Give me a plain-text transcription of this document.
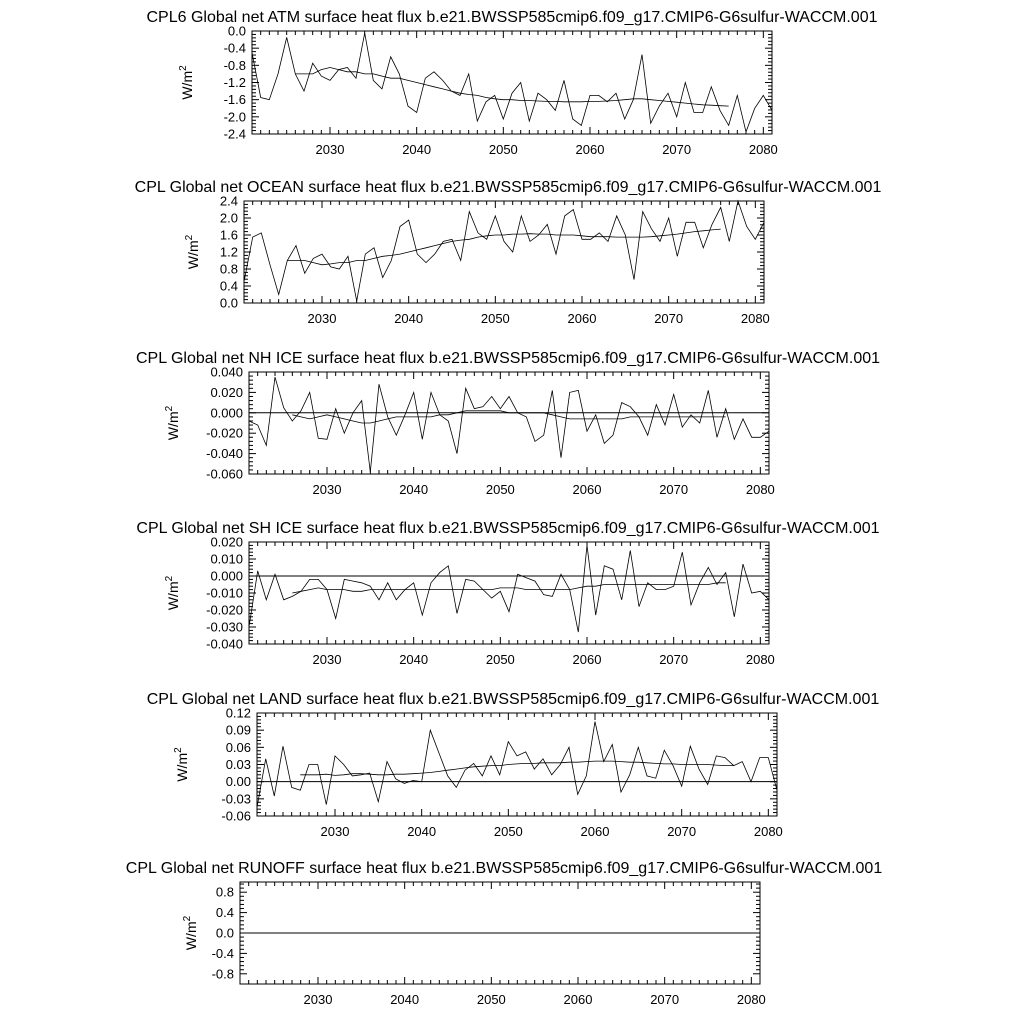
CPL6 Global net ATM surface heat flux b.e21.BWSSP585cmip6.f09_g17.CMIP6-G6sulfur-WACCM.001
2030	2040	2050	2060	2070	2080
0.0
-0.4
-0.8
-1.2
-1.6
-2.0
-2.4
$W/m^2$
CPL Global net OCEAN surface heat flux b.e21.BWSSP585cmip6.f09_g17.CMIP6-G6sulfur-WACCM.001
2030	2040	2050	2060	2070	2080
2.4
2.0
1.6
1.2
0.8
0.4
0.0
$W/m^2$
CPL Global net NH ICE surface heat flux b.e21.BWSSP585cmip6.f09_g17.CMIP6-G6sulfur-WACCM.001
2030	2040	2050	2060	2070	2080
0.040
0.020
0.000
-0.020
-0.040
-0.060
$W/m^2$
CPL Global net SH ICE surface heat flux b.e21.BWSSP585cmip6.f09_g17.CMIP6-G6sulfur-WACCM.001
2030	2040	2050	2060	2070	2080
0.020
0.010
0.000
-0.010
-0.020
-0.030
-0.040
$W/m^2$
CPL Global net LAND surface heat flux b.e21.BWSSP585cmip6.f09_g17.CMIP6-G6sulfur-WACCM.001
2030	2040	2050	2060	2070	2080
0.12
0.09
0.06
0.03
0.00
-0.03
-0.06
$W/m^2$
CPL Global net RUNOFF surface heat flux b.e21.BWSSP585cmip6.f09_g17.CMIP6-G6sulfur-WACCM.001
2030	2040	2050	2060	2070	2080
0.8
0.4
0.0
-0.4
-0.8
$W/m^2$
